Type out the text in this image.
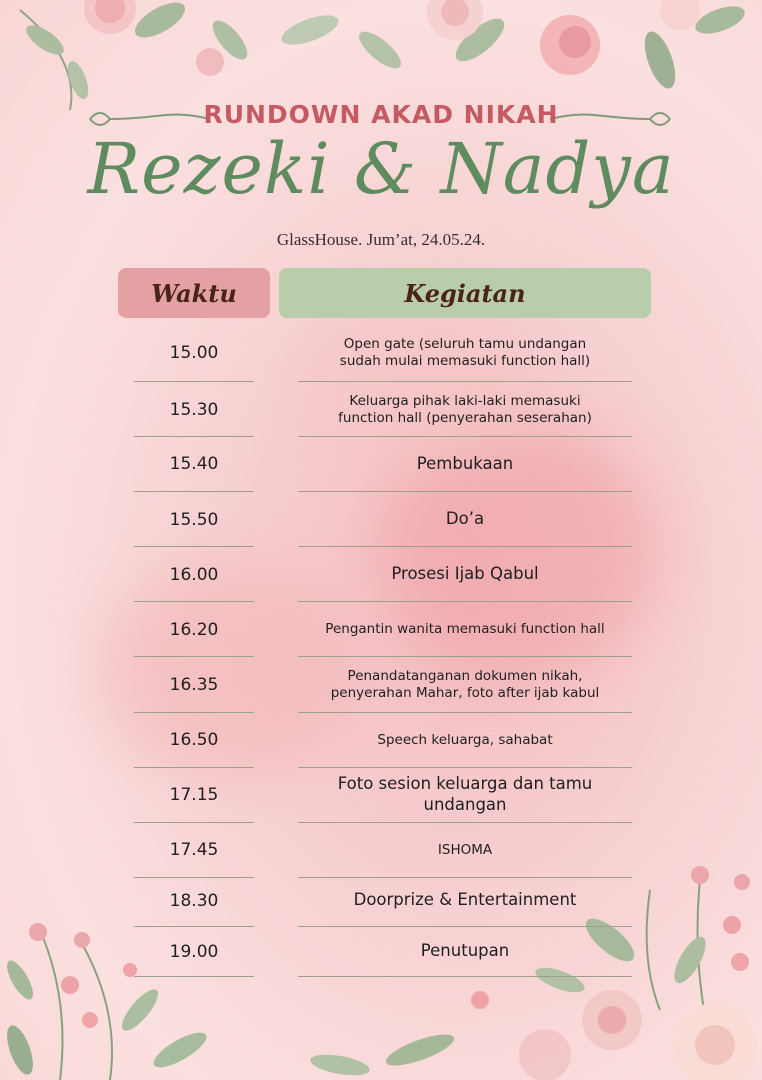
RUNDOWN AKAD NIKAH
Rezeki & Nadya
GlassHouse. Jum’at, 24.05.24.
Waktu	Kegiatan
15.00	Open gate (seluruh tamu undangan
sudah mulai memasuki function hall)
15.30	Keluarga pihak laki-laki memasuki
function hall (penyerahan seserahan)
15.40	Pembukaan
15.50	Do’a
16.00	Prosesi Ijab Qabul
16.20	Pengantin wanita memasuki function hall
16.35	Penandatanganan dokumen nikah,
penyerahan Mahar, foto after ijab kabul
16.50	Speech keluarga, sahabat
17.15
Foto sesion keluarga dan tamu undangan
17.45	ISHOMA
18.30	Doorprize & Entertainment
19.00	Penutupan
